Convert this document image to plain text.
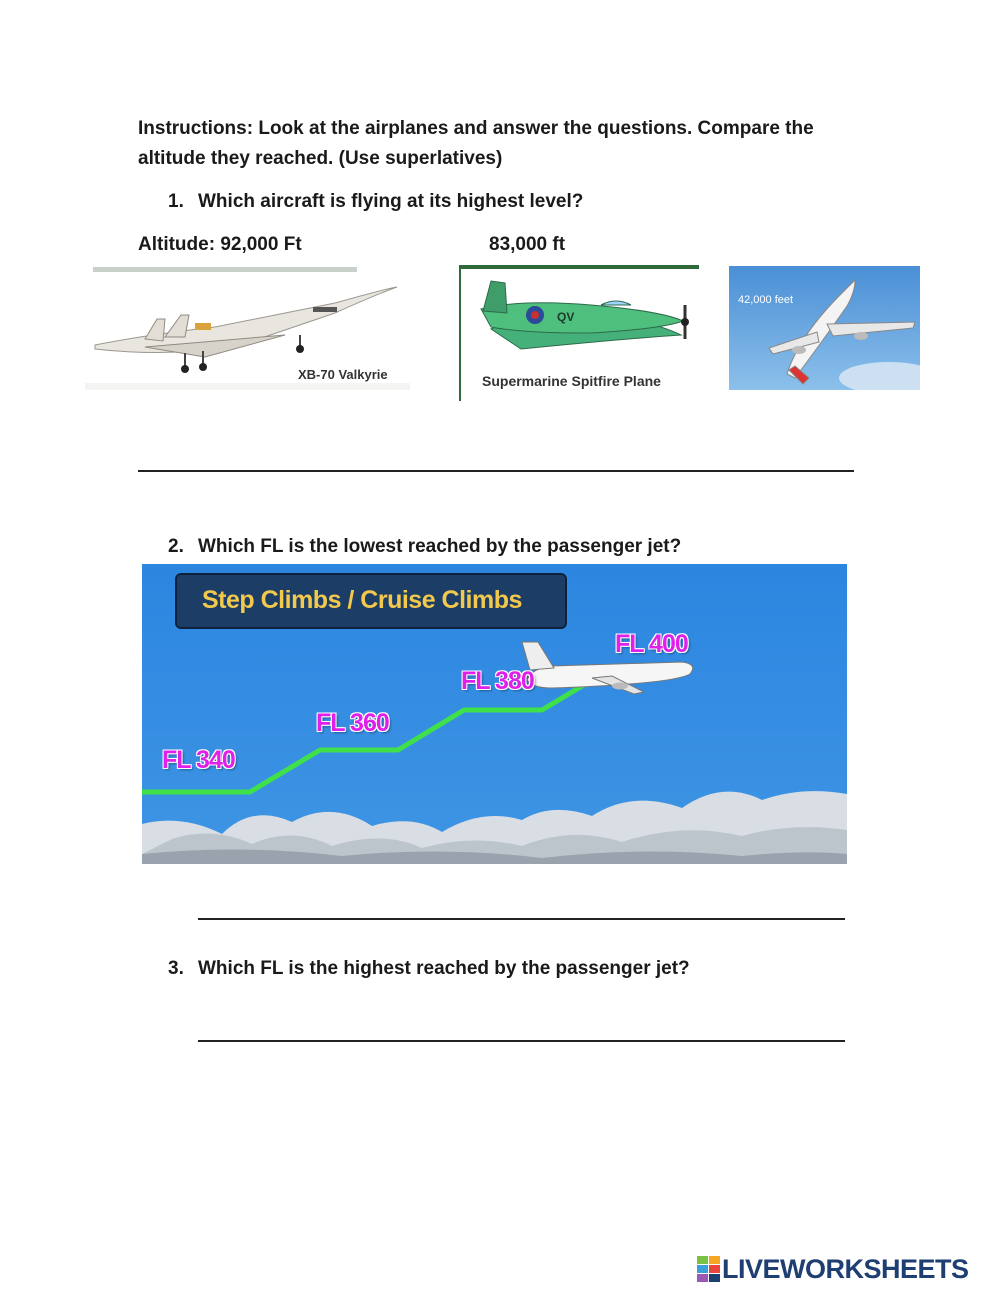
Instructions: Look at the airplanes and answer the questions. Compare the
altitude they reached. (Use superlatives)
1. Which aircraft is flying at its highest level?
Altitude: 92,000 Ft	83,000 ft
XB-70 Valkyrie
QV
Supermarine Spitfire Plane
42,000 feet
2. Which FL is the lowest reached by the passenger jet?
Step Climbs / Cruise Climbs
FL 340
FL 360
FL 380
FL 400
3. Which FL is the highest reached by the passenger jet?
LIVEWORKSHEETS
